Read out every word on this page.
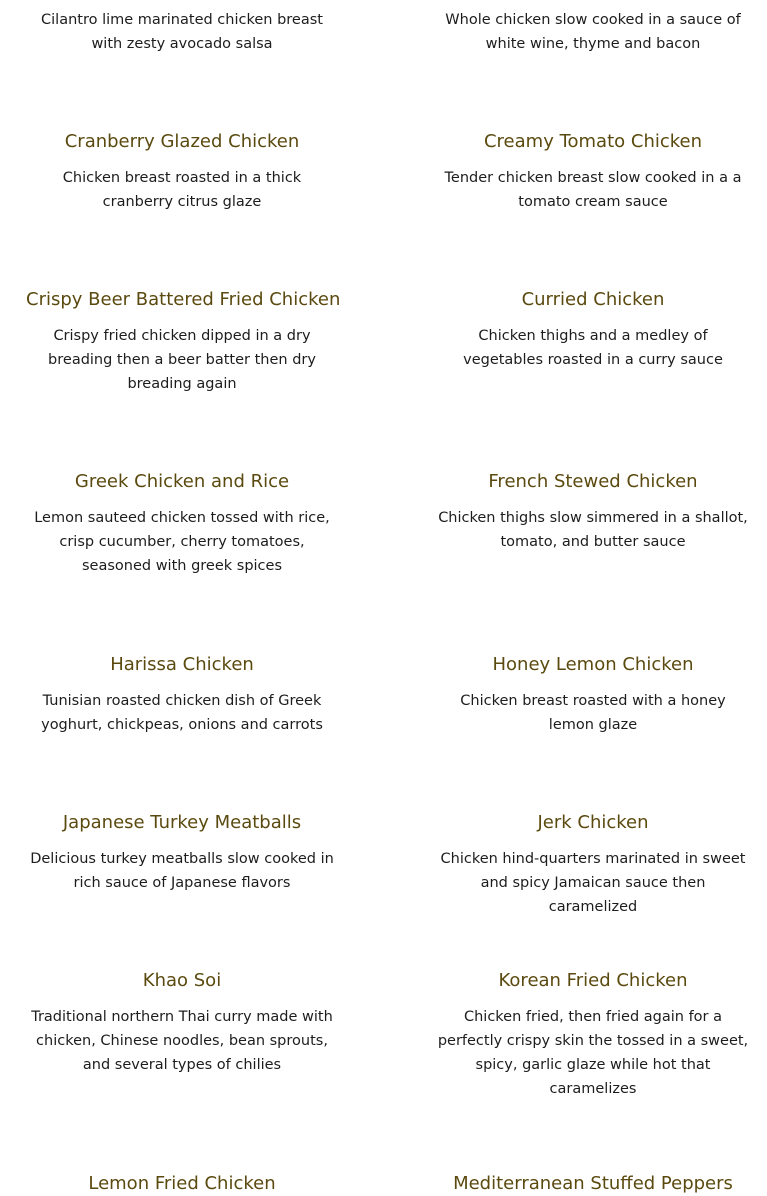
Cilantro lime marinated chicken breast with zesty avocado salsa

Whole chicken slow cooked in a sauce of white wine, thyme and bacon

Cranberry Glazed Chicken

Chicken breast roasted in a thick cranberry citrus glaze

Creamy Tomato Chicken

Tender chicken breast slow cooked in a a tomato cream sauce

Crispy Beer Battered Fried Chicken

Crispy fried chicken dipped in a dry breading then a beer batter then dry breading again

Curried Chicken

Chicken thighs and a medley of vegetables roasted in a curry sauce

Greek Chicken and Rice

Lemon sauteed chicken tossed with rice, crisp cucumber, cherry tomatoes, seasoned with greek spices

French Stewed Chicken

Chicken thighs slow simmered in a shallot, tomato, and butter sauce

Harissa Chicken

Tunisian roasted chicken dish of Greek yoghurt, chickpeas, onions and carrots

Honey Lemon Chicken

Chicken breast roasted with a honey lemon glaze

Japanese Turkey Meatballs

Delicious turkey meatballs slow cooked in rich sauce of Japanese flavors

Jerk Chicken

Chicken hind-quarters marinated in sweet and spicy Jamaican sauce then caramelized

Khao Soi

Traditional northern Thai curry made with chicken, Chinese noodles, bean sprouts, and several types of chilies

Korean Fried Chicken

Chicken fried, then fried again for a perfectly crispy skin the tossed in a sweet, spicy, garlic glaze while hot that caramelizes

Lemon Fried Chicken	Mediterranean Stuffed Peppers
